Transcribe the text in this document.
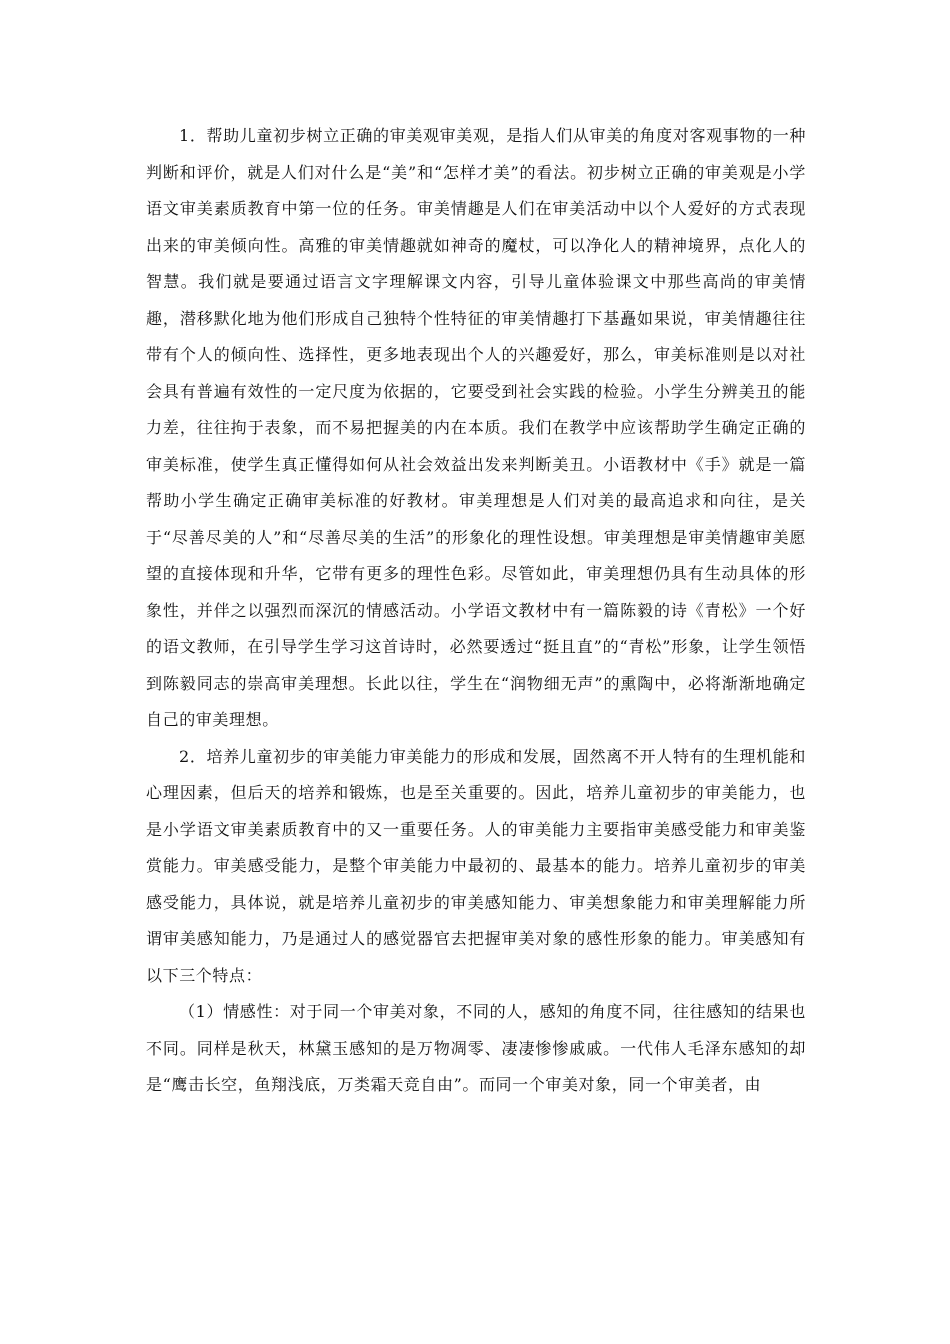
1．帮助儿童初步树立正确的审美观审美观，是指人们从审美的角度对客观事物的一种判断和评价，就是人们对什么是“美”和“怎样才美”的看法。初步树立正确的审美观是小学语文审美素质教育中第一位的任务。审美情趣是人们在审美活动中以个人爱好的方式表现出来的审美倾向性。高雅的审美情趣就如神奇的魔杖，可以净化人的精神境界，点化人的智慧。我们就是要通过语言文字理解课文内容，引导儿童体验课文中那些高尚的审美情趣，潜移默化地为他们形成自己独特个性特征的审美情趣打下基矗如果说，审美情趣往往带有个人的倾向性、选择性，更多地表现出个人的兴趣爱好，那么，审美标准则是以对社会具有普遍有效性的一定尺度为依据的，它要受到社会实践的检验。小学生分辨美丑的能力差，往往拘于表象，而不易把握美的内在本质。我们在教学中应该帮助学生确定正确的审美标准，使学生真正懂得如何从社会效益出发来判断美丑。小语教材中《手》就是一篇帮助小学生确定正确审美标准的好教材。审美理想是人们对美的最高追求和向往，是关于“尽善尽美的人”和“尽善尽美的生活”的形象化的理性设想。审美理想是审美情趣审美愿望的直接体现和升华，它带有更多的理性色彩。尽管如此，审美理想仍具有生动具体的形象性，并伴之以强烈而深沉的情感活动。小学语文教材中有一篇陈毅的诗《青松》一个好的语文教师，在引导学生学习这首诗时，必然要透过“挺且直”的“青松”形象，让学生领悟到陈毅同志的崇高审美理想。长此以往，学生在“润物细无声”的熏陶中，必将渐渐地确定自己的审美理想。

2．培养儿童初步的审美能力审美能力的形成和发展，固然离不开人特有的生理机能和心理因素，但后天的培养和锻炼，也是至关重要的。因此，培养儿童初步的审美能力，也是小学语文审美素质教育中的又一重要任务。人的审美能力主要指审美感受能力和审美鉴赏能力。审美感受能力，是整个审美能力中最初的、最基本的能力。培养儿童初步的审美感受能力，具体说，就是培养儿童初步的审美感知能力、审美想象能力和审美理解能力所谓审美感知能力，乃是通过人的感觉器官去把握审美对象的感性形象的能力。审美感知有以下三个特点：

（1）情感性：对于同一个审美对象，不同的人，感知的角度不同，往往感知的结果也不同。同样是秋天，林黛玉感知的是万物凋零、凄凄惨惨戚戚。一代伟人毛泽东感知的却是“鹰击长空，鱼翔浅底，万类霜天竞自由”。而同一个审美对象，同一个审美者，由
